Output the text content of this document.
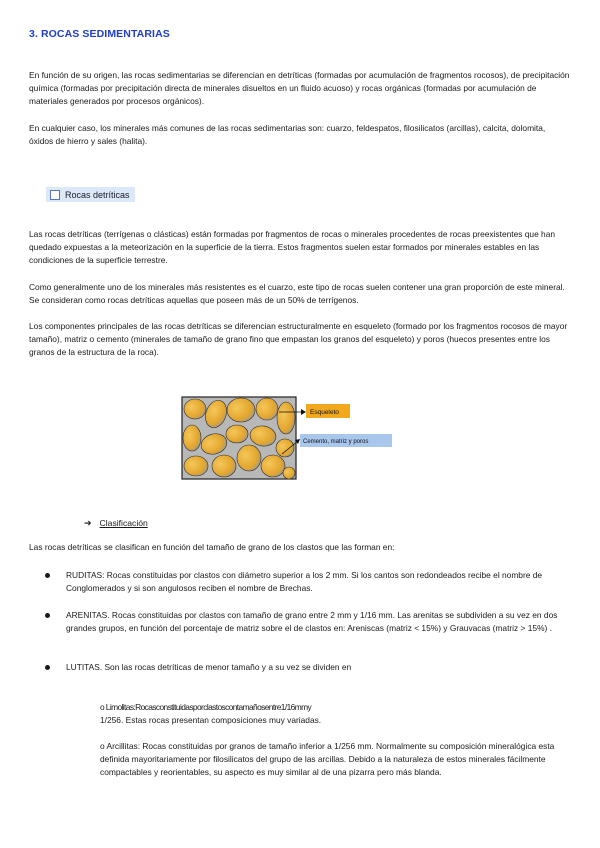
3. ROCAS SEDIMENTARIAS

En función de su origen, las rocas sedimentarias se diferencian en detríticas (formadas por acumulación de fragmentos rocosos), de precipitación química (formadas por precipitación directa de minerales disueltos en un fluido acuoso) y rocas orgánicas (formadas por acumulación de materiales generados por procesos orgánicos).

En cualquier caso, los minerales más comunes de las rocas sedimentarias son: cuarzo, feldespatos, filosilicatos (arcillas), calcita, dolomita, óxidos de hierro y sales (halita).

Rocas detríticas

Las rocas detríticas (terrígenas o clásticas) están formadas por fragmentos de rocas o minerales procedentes de rocas preexistentes que han quedado expuestas a la meteorización en la superficie de la tierra. Estos fragmentos suelen estar formados por minerales estables en las condiciones de la superficie terrestre.

Como generalmente uno de los minerales más resistentes es el cuarzo, este tipo de rocas suelen contener una gran proporción de este mineral. Se consideran como rocas detríticas aquellas que poseen más de un 50% de terrígenos.

Los componentes principales de las rocas detríticas se diferencian estructuralmente en esqueleto (formado por los fragmentos rocosos de mayor tamaño), matriz o cemento (minerales de tamaño de grano fino que empastan los granos del esqueleto) y poros (huecos presentes entre los granos de la estructura de la roca).

Esqueleto
Cemento, matriz y poros
➔ Clasificación

Las rocas detríticas se clasifican en función del tamaño de grano de los clastos que las forman en:

RUDITAS: Rocas constituidas por clastos con diámetro superior a los 2 mm. Si los cantos son redondeados recibe el nombre de Conglomerados y si son angulosos reciben el nombre de Brechas.

ARENITAS. Rocas constituidas por clastos con tamaño de grano entre 2 mm y 1/16 mm. Las arenitas se subdividen a su vez en dos grandes grupos, en función del porcentaje de matriz sobre el de clastos en: Areniscas (matriz < 15%) y Grauvacas (matriz > 15%) .

LUTITAS. Son las rocas detríticas de menor tamaño y a su vez se dividen en

o Limolitas:Rocasconstituidasporclastoscontamañosentre1/16mmy

1/256. Estas rocas presentan composiciones muy variadas.

o Arcillitas: Rocas constituidas por granos de tamaño inferior a 1/256 mm. Normalmente su composición mineralógica esta definida mayoritariamente por filosilicatos del grupo de las arcillas. Debido a la naturaleza de estos minerales fácilmente compactables y reorientables, su aspecto es muy similar al de una pizarra pero más blanda.
